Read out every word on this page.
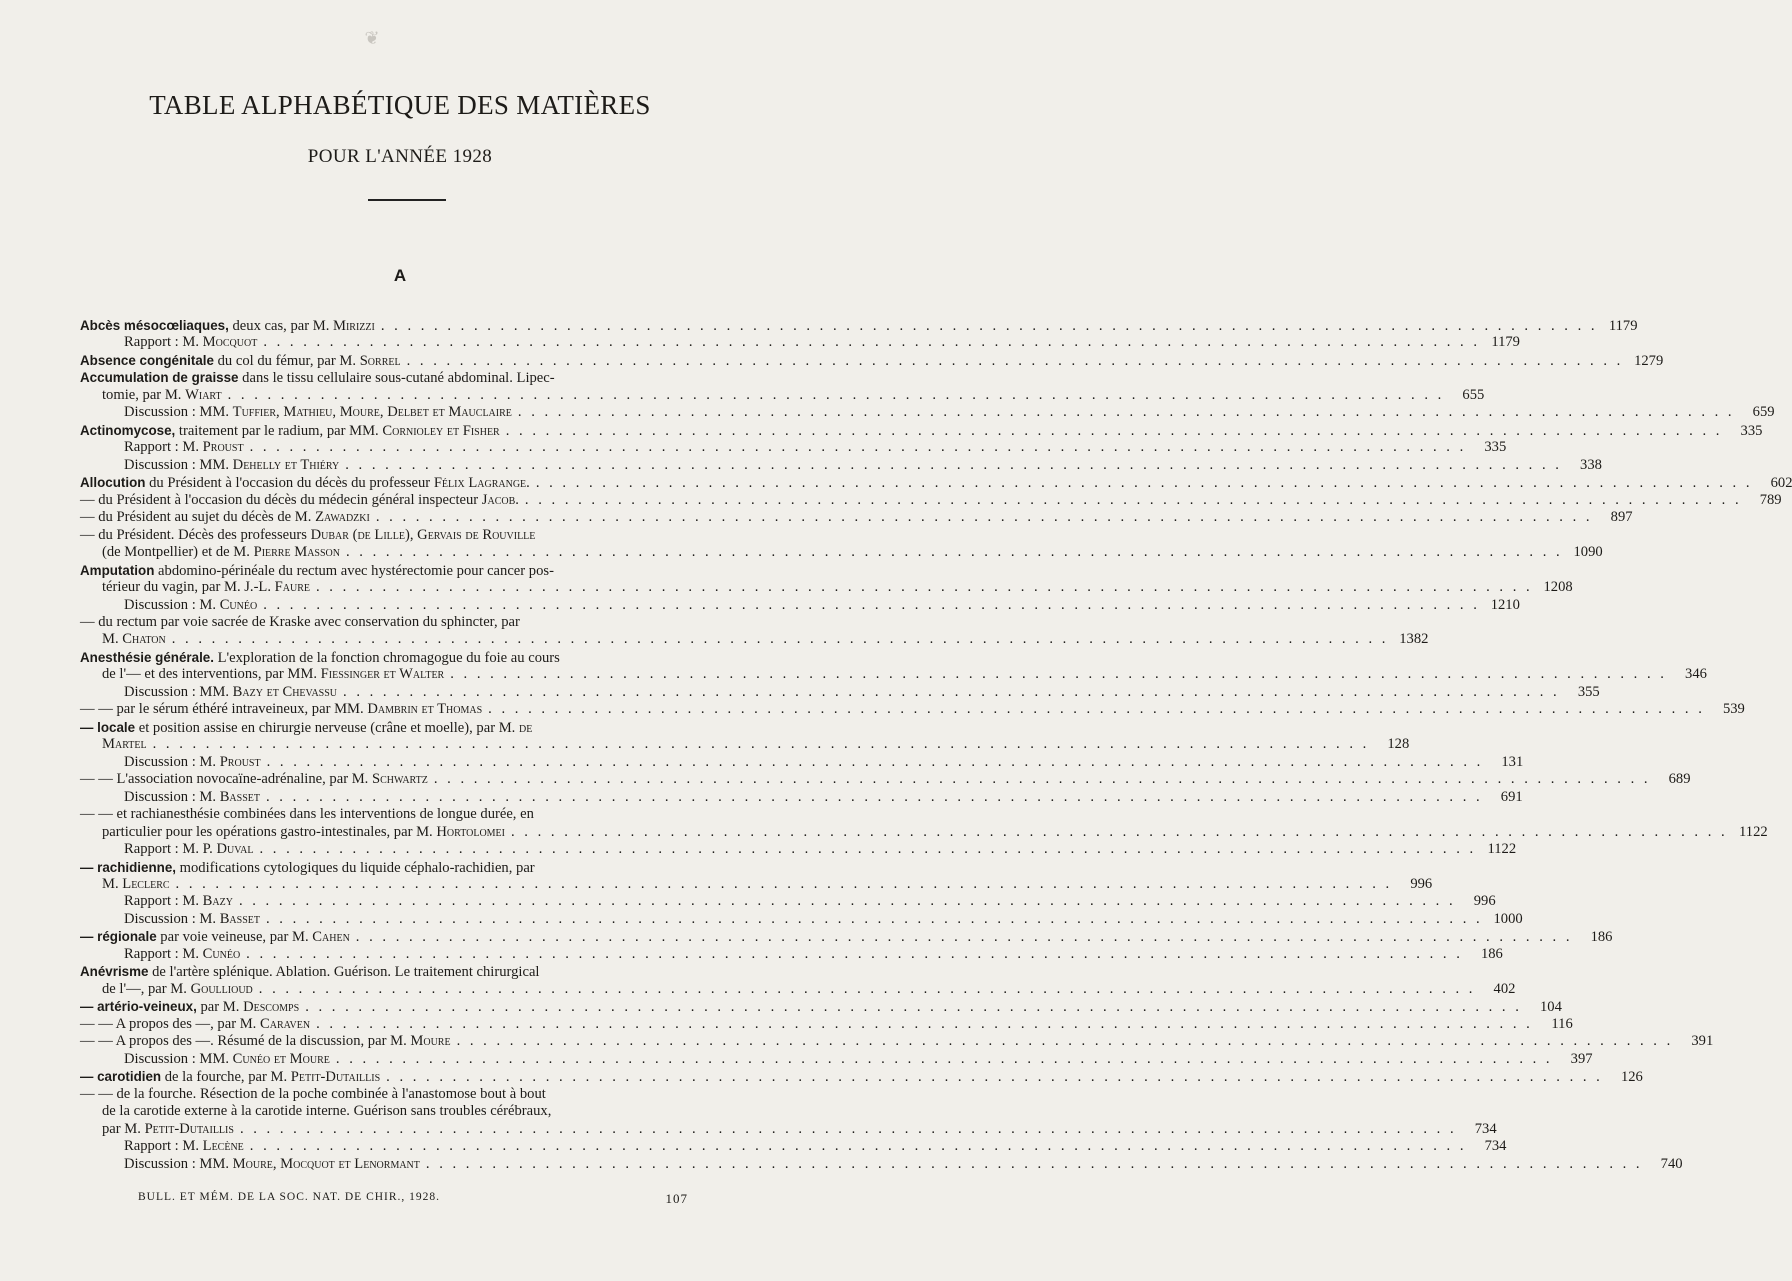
❦
TABLE ALPHABÉTIQUE DES MATIÈRES
POUR L'ANNÉE 1928
A
Abcès mésocœliaques, deux cas, par M. Mirizzi . . .	1179
Rapport : M. Mocquot . . .	1179
Absence congénitale du col du fémur, par M. Sorrel . . .	1279
Accumulation de graisse dans le tissu cellulaire sous-cutané abdominal. Lipec-
tomie, par M. Wiart . . .	655
Discussion : MM. Tuffier, Mathieu, Moure, Delbet et Mauclaire . . .	659
Actinomycose, traitement par le radium, par MM. Cornioley et Fisher . . .	335
Rapport : M. Proust . . .	335
Discussion : MM. Dehelly et Thiéry . . .	338
Allocution du Président à l'occasion du décès du professeur Félix Lagrange. . . .	602
— du Président à l'occasion du décès du médecin général inspecteur Jacob. . . .	789
— du Président au sujet du décès de M. Zawadzki . . .	897
— du Président. Décès des professeurs Dubar (de Lille), Gervais de Rouville
(de Montpellier) et de M. Pierre Masson . . .	1090
Amputation abdomino-périnéale du rectum avec hystérectomie pour cancer pos-
térieur du vagin, par M. J.-L. Faure . . .	1208
Discussion : M. Cunéo . . .	1210
— du rectum par voie sacrée de Kraske avec conservation du sphincter, par
M. Chaton . . .	1382
Anesthésie générale. L'exploration de la fonction chromagogue du foie au cours
de l'— et des interventions, par MM. Fiessinger et Walter . . .	346
Discussion : MM. Bazy et Chevassu . . .	355
— — par le sérum éthéré intraveineux, par MM. Dambrin et Thomas . . .	539
— locale et position assise en chirurgie nerveuse (crâne et moelle), par M. de
Martel . . .	128
Discussion : M. Proust . . .	131
— — L'association novocaïne-adrénaline, par M. Schwartz . . .	689
Discussion : M. Basset . . .	691
— — et rachianesthésie combinées dans les interventions de longue durée, en
particulier pour les opérations gastro-intestinales, par M. Hortolomei . . .	1122
Rapport : M. P. Duval . . .	1122
— rachidienne, modifications cytologiques du liquide céphalo-rachidien, par
M. Leclerc . . .	996
Rapport : M. Bazy . . .	996
Discussion : M. Basset . . .	1000
— régionale par voie veineuse, par M. Cahen . . .	186
Rapport : M. Cunéo . . .	186
Anévrisme de l'artère splénique. Ablation. Guérison. Le traitement chirurgical
de l'—, par M. Goullioud . . .	402
— artério-veineux, par M. Descomps . . .	104
— — A propos des —, par M. Caraven . . .	116
— — A propos des —. Résumé de la discussion, par M. Moure . . .	391
Discussion : MM. Cunéo et Moure . . .	397
— carotidien de la fourche, par M. Petit-Dutaillis . . .	126
— — de la fourche. Résection de la poche combinée à l'anastomose bout à bout
de la carotide externe à la carotide interne. Guérison sans troubles cérébraux,
par M. Petit-Dutaillis . . .	734
Rapport : M. Lecène . . .	734
Discussion : MM. Moure, Mocquot et Lenormant . . .	740
BULL. ET MÉM. DE LA SOC. NAT. DE CHIR., 1928.	107
